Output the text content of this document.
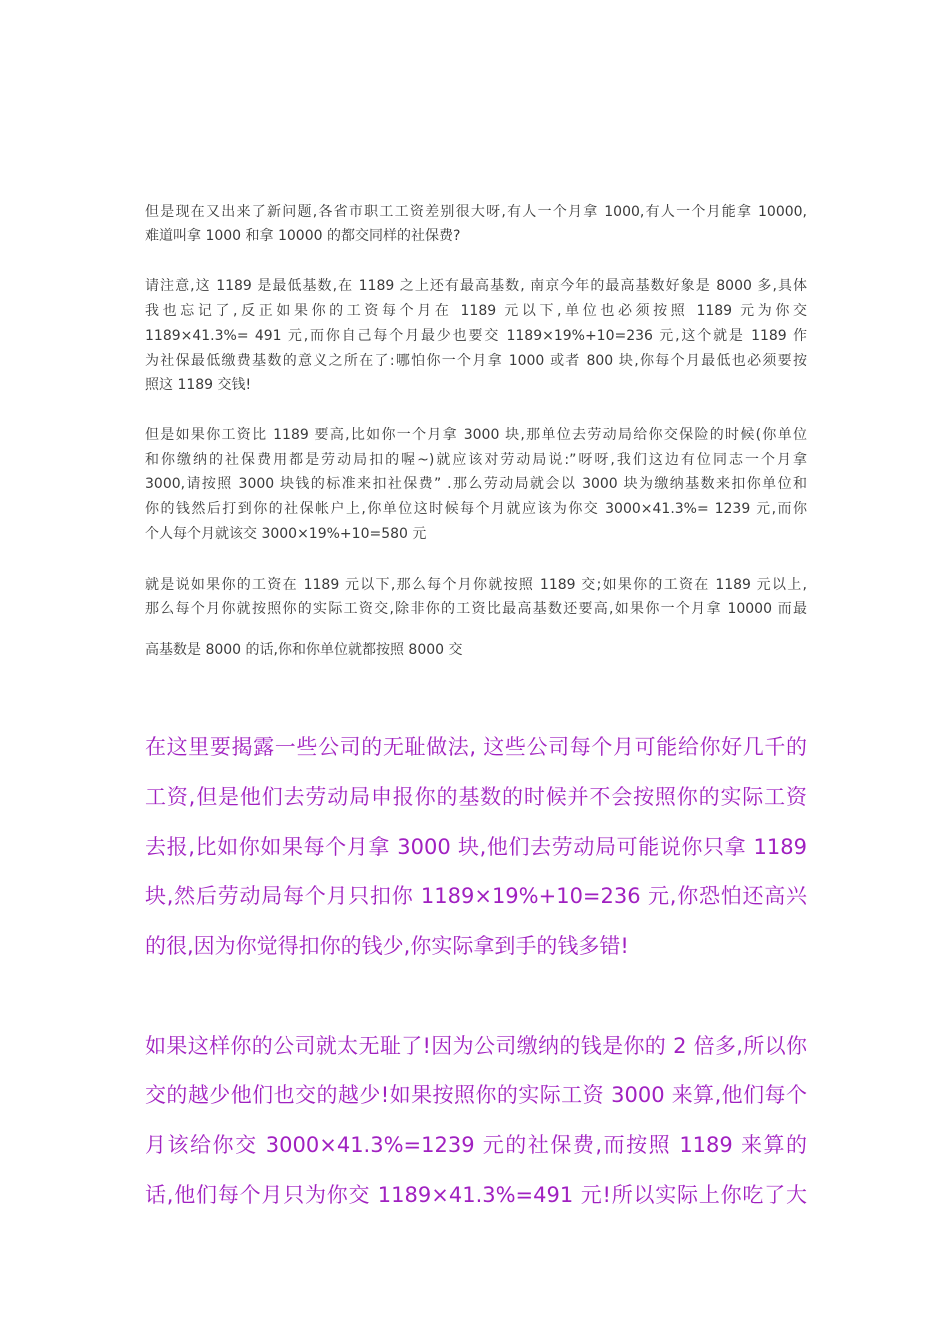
但是现在又出来了新问题,各省市职工工资差别很大呀,有人一个月拿 1000,有人一个月能拿 10000,
难道叫拿 1000 和拿 10000 的都交同样的社保费?
请注意,这 1189 是最低基数,在 1189 之上还有最高基数, 南京今年的最高基数好象是 8000 多,具体
我也忘记了,反正如果你的工资每个月在 1189 元以下,单位也必须按照 1189 元为你交
1189×41.3%= 491 元,而你自己每个月最少也要交 1189×19%+10=236 元,这个就是 1189 作
为社保最低缴费基数的意义之所在了:哪怕你一个月拿 1000 或者 800 块,你每个月最低也必须要按
照这 1189 交钱!
但是如果你工资比 1189 要高,比如你一个月拿 3000 块,那单位去劳动局给你交保险的时候(你单位
和你缴纳的社保费用都是劳动局扣的喔~)就应该对劳动局说:”呀呀,我们这边有位同志一个月拿
3000,请按照 3000 块钱的标准来扣社保费” .那么劳动局就会以 3000 块为缴纳基数来扣你单位和
你的钱然后打到你的社保帐户上,你单位这时候每个月就应该为你交 3000×41.3%= 1239 元,而你
个人每个月就该交 3000×19%+10=580 元
就是说如果你的工资在 1189 元以下,那么每个月你就按照 1189 交;如果你的工资在 1189 元以上,
那么每个月你就按照你的实际工资交,除非你的工资比最高基数还要高,如果你一个月拿 10000 而最
高基数是 8000 的话,你和你单位就都按照 8000 交
在这里要揭露一些公司的无耻做法, 这些公司每个月可能给你好几千的
工资,但是他们去劳动局申报你的基数的时候并不会按照你的实际工资
去报,比如你如果每个月拿 3000 块,他们去劳动局可能说你只拿 1189
块,然后劳动局每个月只扣你 1189×19%+10=236 元,你恐怕还高兴
的很,因为你觉得扣你的钱少,你实际拿到手的钱多错!
如果这样你的公司就太无耻了!因为公司缴纳的钱是你的 2 倍多,所以你
交的越少他们也交的越少!如果按照你的实际工资 3000 来算,他们每个
月该给你交 3000×41.3%=1239 元的社保费,而按照 1189 来算的
话,他们每个月只为你交 1189×41.3%=491 元!所以实际上你吃了大
